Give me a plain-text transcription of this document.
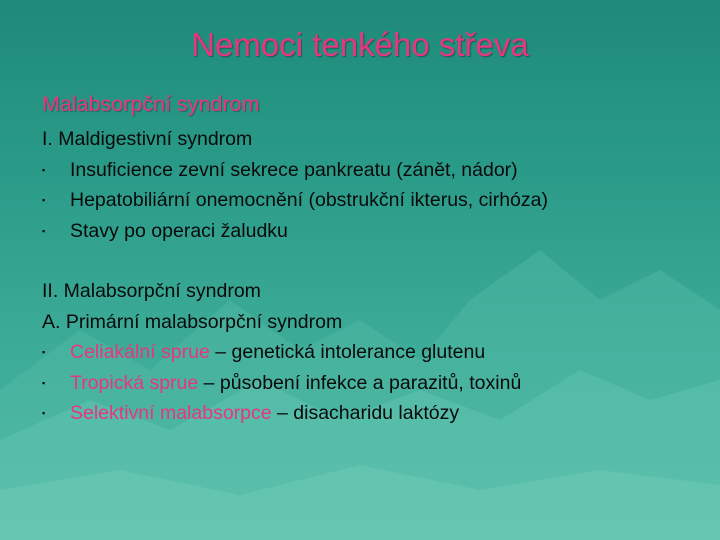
Nemoci tenkého střeva
Malabsorpční syndrom
I. Maldigestivní syndrom
▪ Insuficience zevní sekrece pankreatu (zánět, nádor)
▪ Hepatobiliární onemocnění (obstrukční ikterus, cirhóza)
▪ Stavy po operaci žaludku
II. Malabsorpční syndrom
A. Primární malabsorpční syndrom
▪ Celiakální sprue – genetická intolerance glutenu
▪ Tropická sprue – působení infekce a parazitů, toxinů
▪ Selektivní malabsorpce – disacharidu laktózy
